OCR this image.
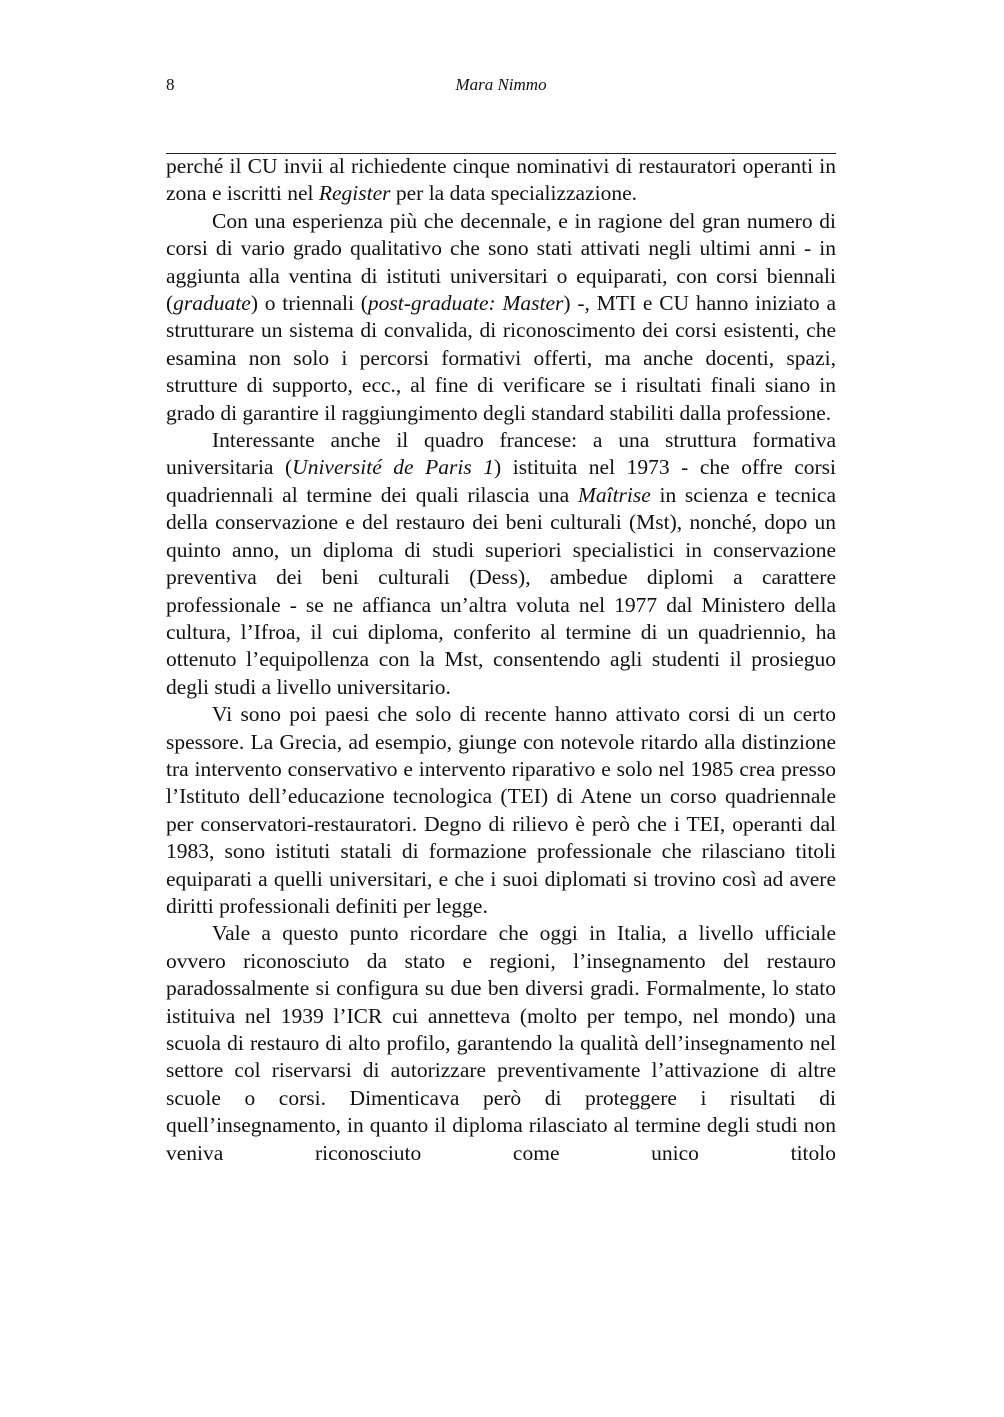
8	Mara Nimmo

perché il CU invii al richiedente cinque nominativi di restauratori operanti in zona e iscritti nel Register per la data specializzazione.

Con una esperienza più che decennale, e in ragione del gran numero di corsi di vario grado qualitativo che sono stati attivati negli ultimi anni - in aggiunta alla ventina di istituti universitari o equiparati, con corsi biennali (graduate) o triennali (post-graduate: Master) -, MTI e CU hanno iniziato a strutturare un sistema di convalida, di riconoscimento dei corsi esistenti, che esamina non solo i percorsi formativi offerti, ma anche docenti, spazi, strutture di supporto, ecc., al fine di verificare se i risultati finali siano in grado di garantire il raggiungimento degli standard stabiliti dalla professione.

Interessante anche il quadro francese: a una struttura formativa universitaria (Université de Paris 1) istituita nel 1973 - che offre corsi quadriennali al termine dei quali rilascia una Maîtrise in scienza e tecnica della conservazione e del restauro dei beni culturali (Mst), nonché, dopo un quinto anno, un diploma di studi superiori specialistici in conservazione preventiva dei beni culturali (Dess), ambedue diplomi a carattere professionale - se ne affianca un’altra voluta nel 1977 dal Ministero della cultura, l’Ifroa, il cui diploma, conferito al termine di un quadriennio, ha ottenuto l’equipollenza con la Mst, consentendo agli studenti il prosieguo degli studi a livello universitario.

Vi sono poi paesi che solo di recente hanno attivato corsi di un certo spessore. La Grecia, ad esempio, giunge con notevole ritardo alla distinzione tra intervento conservativo e intervento riparativo e solo nel 1985 crea presso l’Istituto dell’educazione tecnologica (TEI) di Atene un corso quadriennale per conservatori-restauratori. Degno di rilievo è però che i TEI, operanti dal 1983, sono istituti statali di formazione professionale che rilasciano titoli equiparati a quelli universitari, e che i suoi diplomati si trovino così ad avere diritti professionali definiti per legge.

Vale a questo punto ricordare che oggi in Italia, a livello ufficiale ovvero riconosciuto da stato e regioni, l’insegnamento del restauro paradossalmente si configura su due ben diversi gradi. Formalmente, lo stato istituiva nel 1939 l’ICR cui annetteva (molto per tempo, nel mondo) una scuola di restauro di alto profilo, garantendo la qualità dell’insegnamento nel settore col riservarsi di autorizzare preventivamente l’attivazione di altre scuole o corsi. Dimenticava però di proteggere i risultati di quell’insegnamento, in quanto il diploma rilasciato al termine degli studi non veniva riconosciuto come unico titolo
